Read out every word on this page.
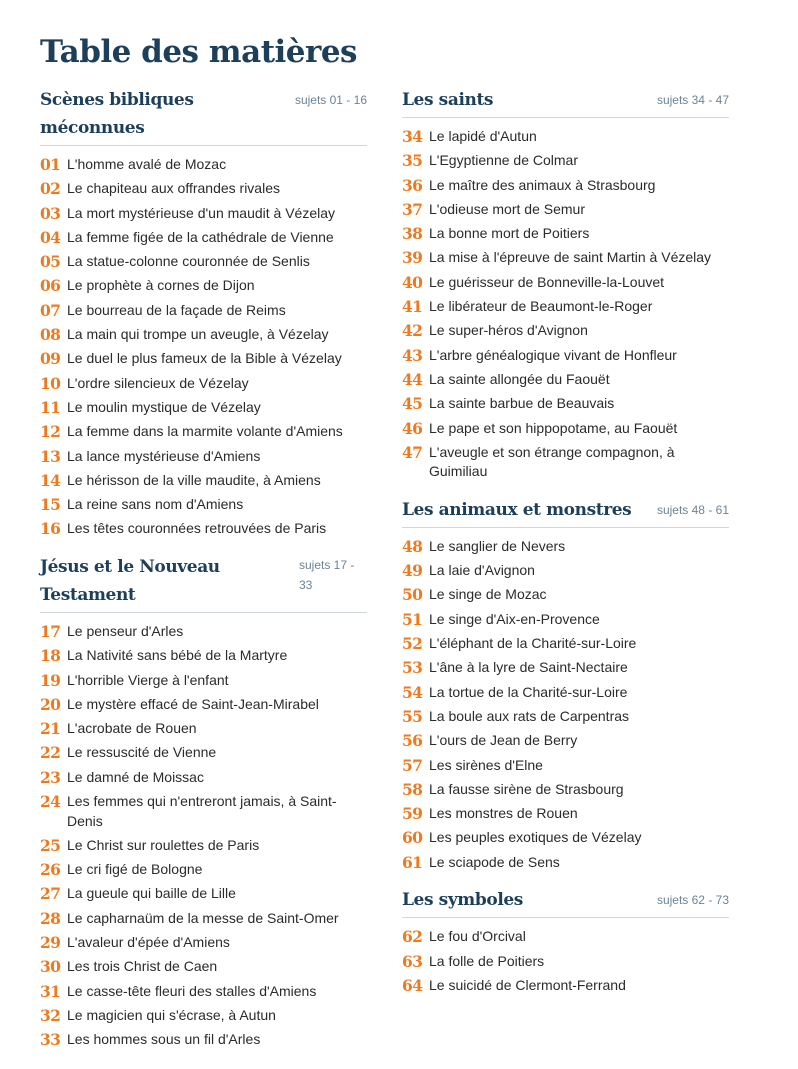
Table des matières
Scènes bibliques méconnues
sujets 01 - 16
01 L'homme avalé de Mozac
02 Le chapiteau aux offrandes rivales
03 La mort mystérieuse d'un maudit à Vézelay
04 La femme figée de la cathédrale de Vienne
05 La statue-colonne couronnée de Senlis
06 Le prophète à cornes de Dijon
07 Le bourreau de la façade de Reims
08 La main qui trompe un aveugle, à Vézelay
09 Le duel le plus fameux de la Bible à Vézelay
10 L'ordre silencieux de Vézelay
11 Le moulin mystique de Vézelay
12 La femme dans la marmite volante d'Amiens
13 La lance mystérieuse d'Amiens
14 Le hérisson de la ville maudite, à Amiens
15 La reine sans nom d'Amiens
16 Les têtes couronnées retrouvées de Paris
Jésus et le Nouveau Testament
sujets 17 - 33
17 Le penseur d'Arles
18 La Nativité sans bébé de la Martyre
19 L'horrible Vierge à l'enfant
20 Le mystère effacé de Saint-Jean-Mirabel
21 L'acrobate de Rouen
22 Le ressuscité de Vienne
23 Le damné de Moissac
24 Les femmes qui n'entreront jamais, à Saint-Denis
25 Le Christ sur roulettes de Paris
26 Le cri figé de Bologne
27 La gueule qui baille de Lille
28 Le capharnaüm de la messe de Saint-Omer
29 L'avaleur d'épée d'Amiens
30 Les trois Christ de Caen
31 Le casse-tête fleuri des stalles d'Amiens
32 Le magicien qui s'écrase, à Autun
33 Les hommes sous un fil d'Arles
Les saints	sujets 34 - 47
34 Le lapidé d'Autun
35 L'Egyptienne de Colmar
36 Le maître des animaux à Strasbourg
37 L'odieuse mort de Semur
38 La bonne mort de Poitiers
39 La mise à l'épreuve de saint Martin à Vézelay
40 Le guérisseur de Bonneville-la-Louvet
41 Le libérateur de Beaumont-le-Roger
42 Le super-héros d'Avignon
43 L'arbre généalogique vivant de Honfleur
44 La sainte allongée du Faouët
45 La sainte barbue de Beauvais
46 Le pape et son hippopotame, au Faouët
47 L'aveugle et son étrange compagnon, à Guimiliau
Les animaux et monstres sujets 48 - 61
48 Le sanglier de Nevers
49 La laie d'Avignon
50 Le singe de Mozac
51 Le singe d'Aix-en-Provence
52 L'éléphant de la Charité-sur-Loire
53 L'âne à la lyre de Saint-Nectaire
54 La tortue de la Charité-sur-Loire
55 La boule aux rats de Carpentras
56 L'ours de Jean de Berry
57 Les sirènes d'Elne
58 La fausse sirène de Strasbourg
59 Les monstres de Rouen
60 Les peuples exotiques de Vézelay
61 Le sciapode de Sens
Les symboles	sujets 62 - 73
62 Le fou d'Orcival
63 La folle de Poitiers
64 Le suicidé de Clermont-Ferrand
